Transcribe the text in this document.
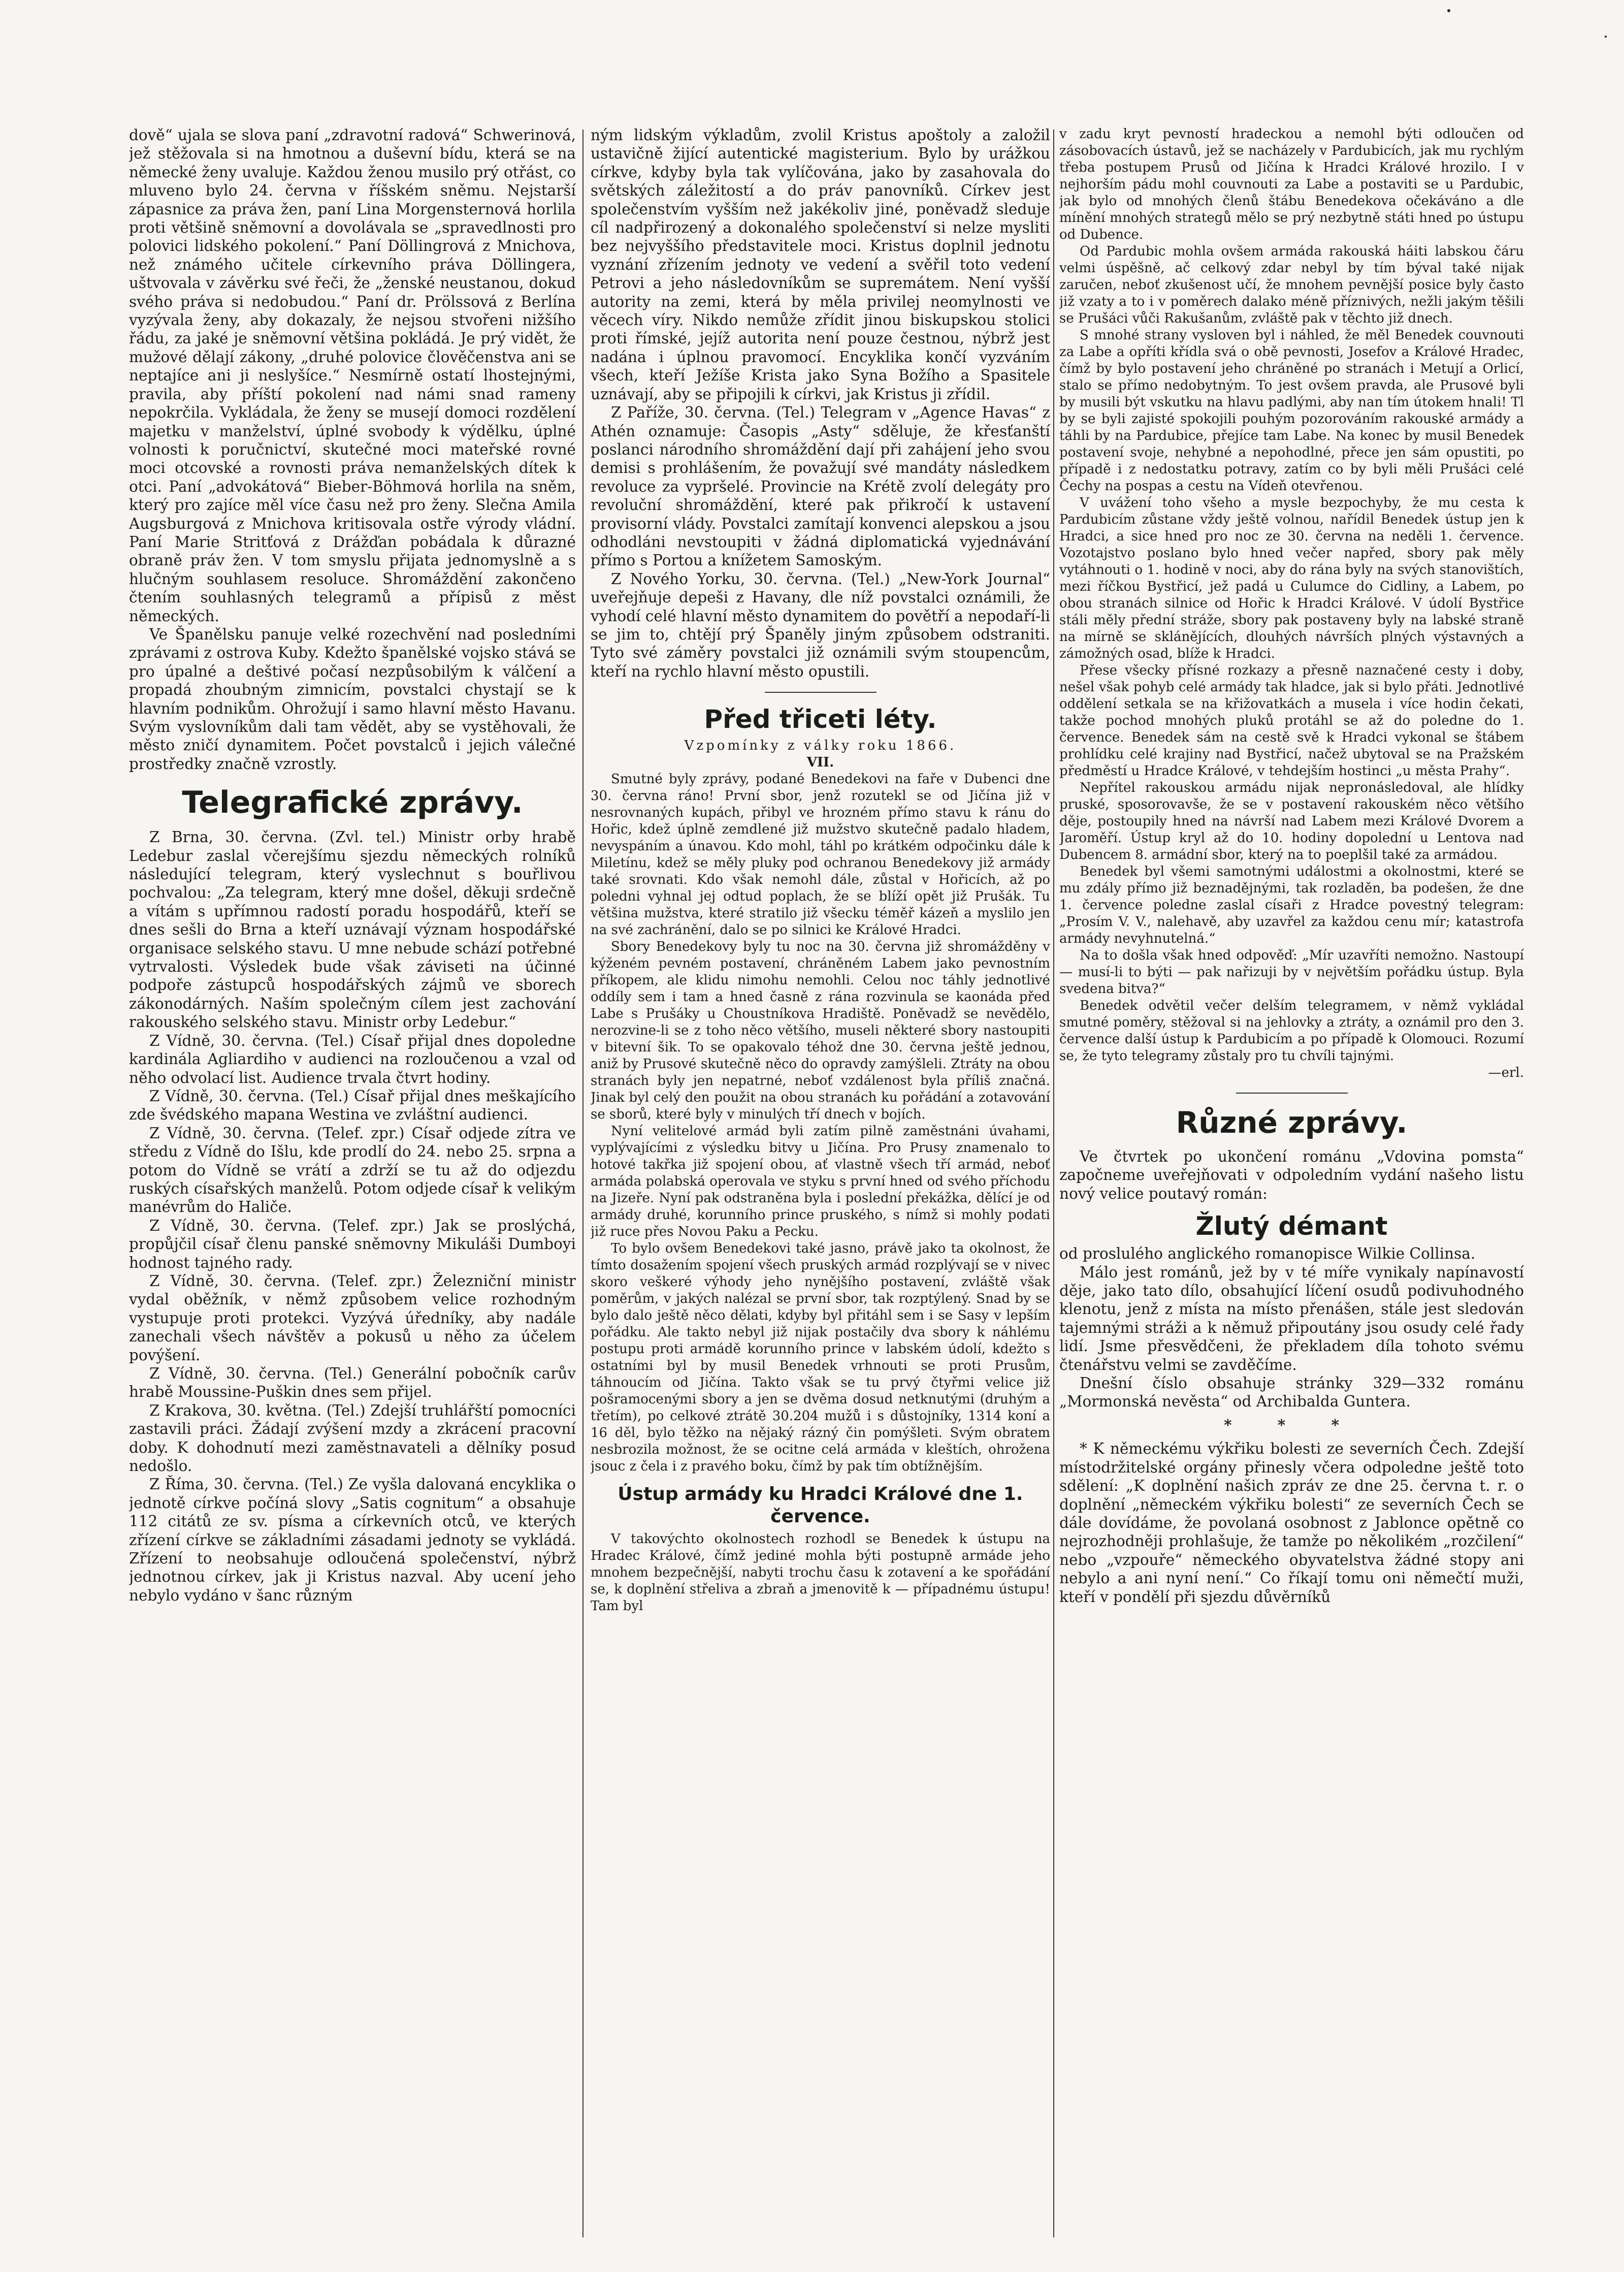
dově“ ujala se slova paní „zdravotní radová“ Schwerinová, jež stěžovala si na hmotnou a duševní bídu, která se na německé ženy uvaluje. Každou ženou musilo prý otřást, co mluveno bylo 24. června v říšském sněmu. Nejstarší zápasnice za práva žen, paní Lina Morgensternová horlila proti většině sněmovní a dovolávala se „spravedlnosti pro polovici lidského pokolení.“ Paní Döllingrová z Mnichova, než známého učitele církevního práva Döllingera, uštvovala v závěrku své řeči, že „ženské neustanou, dokud svého práva si nedobudou.“ Paní dr. Prölssová z Berlína vyzývala ženy, aby dokazaly, že nejsou stvořeni nižšího řádu, za jaké je sněmovní většina pokládá. Je prý vidět, že mužové dělají zákony, „druhé polovice člověčenstva ani se neptajíce ani ji neslyšíce.“ Nesmírně ostatí lhostejnými, pravila, aby příští pokolení nad námi snad rameny nepokrčila. Vykládala, že ženy se musejí domoci rozdělení majetku v manželství, úplné svobody k výdělku, úplné volnosti k poručnictví, skutečné moci mateřské rovné moci otcovské a rovnosti práva nemanželských dítek k otci. Paní „advokátová“ Bieber-Böhmová horlila na sněm, který pro zajíce měl více času než pro ženy. Slečna Amila Augsburgová z Mnichova kritisovala ostře výrody vládní. Paní Marie Stritťová z Drážďan pobádala k důrazné obraně práv žen. V tom smyslu přijata jednomyslně a s hlučným souhlasem resoluce. Shromáždění zakončeno čtením souhlasných telegramů a přípisů z měst německých.

Ve Španělsku panuje velké rozechvění nad posledními zprávami z ostrova Kuby. Kdežto španělské vojsko stává se pro úpalné a deštivé počasí nezpůsobilým k válčení a propadá zhoubným zimnicím, povstalci chystají se k hlavním podnikům. Ohrožují i samo hlavní město Havanu. Svým vyslovníkům dali tam vědět, aby se vystěhovali, že město zničí dynamitem. Počet povstalců i jejich válečné prostředky značně vzrostly.

Telegrafické zprávy.

Z Brna, 30. června. (Zvl. tel.) Ministr orby hrabě Ledebur zaslal včerejšímu sjezdu německých rolníků následující telegram, který vyslechnut s bouřlivou pochvalou: „Za telegram, který mne došel, děkuji srdečně a vítám s upřímnou radostí poradu hospodářů, kteří se dnes sešli do Brna a kteří uznávají význam hospodářské organisace selského stavu. U mne nebude schází potřebné vytrvalosti. Výsledek bude však záviseti na účinné podpoře zástupců hospodářských zájmů ve sborech zákonodárných. Naším společným cílem jest zachování rakouského selského stavu. Ministr orby Ledebur.“

Z Vídně, 30. června. (Tel.) Císař přijal dnes dopoledne kardinála Agliardiho v audienci na rozloučenou a vzal od něho odvolací list. Audience trvala čtvrt hodiny.

Z Vídně, 30. června. (Tel.) Císař přijal dnes meškajícího zde švédského mapana Westina ve zvláštní audienci.

Z Vídně, 30. června. (Telef. zpr.) Císař odjede zítra ve středu z Vídně do Išlu, kde prodlí do 24. nebo 25. srpna a potom do Vídně se vrátí a zdrží se tu až do odjezdu ruských císařských manželů. Potom odjede císař k velikým manévrům do Haliče.

Z Vídně, 30. června. (Telef. zpr.) Jak se proslýchá, propůjčil císař členu panské sněmovny Mikuláši Dumboyi hodnost tajného rady.

Z Vídně, 30. června. (Telef. zpr.) Železniční ministr vydal oběžník, v němž způsobem velice rozhodným vystupuje proti protekci. Vyzývá úředníky, aby nadále zanechali všech návštěv a pokusů u něho za účelem povýšení.

Z Vídně, 30. června. (Tel.) Generální pobočník carův hrabě Moussine-Puškin dnes sem přijel.

Z Krakova, 30. května. (Tel.) Zdejší truhlářští pomocníci zastavili práci. Žádají zvýšení mzdy a zkrácení pracovní doby. K dohodnutí mezi zaměstnavateli a dělníky posud nedošlo.

Z Říma, 30. června. (Tel.) Ze vyšla dalovaná encyklika o jednotě církve počíná slovy „Satis cognitum“ a obsahuje 112 citátů ze sv. písma a církevních otců, ve kterých zřízení církve se základními zásadami jednoty se vykládá. Zřízení to neobsahuje odloučená společenství, nýbrž jednotnou církev, jak ji Kristus nazval. Aby ucení jeho nebylo vydáno v šanc různým

ným lidským výkladům, zvolil Kristus apoštoly a založil ustavičně žijící autentické magisterium. Bylo by urážkou církve, kdyby byla tak vylíčována, jako by zasahovala do světských záležitostí a do práv panovníků. Církev jest společenstvím vyšším než jakékoliv jiné, poněvadž sleduje cíl nadpřirozený a dokonalého společenství si nelze mysliti bez nejvyššího představitele moci. Kristus doplnil jednotu vyznání zřízením jednoty ve vedení a svěřil toto vedení Petrovi a jeho následovníkům se supremátem. Není vyšší autority na zemi, která by měla privilej neomylnosti ve věcech víry. Nikdo nemůže zřídit jinou biskupskou stolici proti římské, jejíž autorita není pouze čestnou, nýbrž jest nadána i úplnou pravomocí. Encyklika končí vyzváním všech, kteří Ježíše Krista jako Syna Božího a Spasitele uznávají, aby se připojili k církvi, jak Kristus ji zřídil.

Z Paříže, 30. června. (Tel.) Telegram v „Agence Havas“ z Athén oznamuje: Časopis „Asty“ sděluje, že křesťanští poslanci národního shromáždění dají při zahájení jeho svou demisi s prohlášením, že považují své mandáty následkem revoluce za vypršelé. Provincie na Krétě zvolí delegáty pro revoluční shromáždění, které pak přikročí k ustavení provisorní vlády. Povstalci zamítají konvenci alepskou a jsou odhodláni nevstoupiti v žádná diplomatická vyjednávání přímo s Portou a knížetem Samoským.

Z Nového Yorku, 30. června. (Tel.) „New-York Journal“ uveřejňuje depeši z Havany, dle níž povstalci oznámili, že vyhodí celé hlavní město dynamitem do povětří a nepodaří-li se jim to, chtějí prý Španěly jiným způsobem odstraniti. Tyto své záměry povstalci již oznámili svým stoupencům, kteří na rychlo hlavní město opustili.

Před třiceti léty.
Vzpomínky z války roku 1866.
VII.

Smutné byly zprávy, podané Benedekovi na faře v Dubenci dne 30. června ráno! První sbor, jenž rozutekl se od Jičína již v nesrovnaných kupách, přibyl ve hrozném přímo stavu k ránu do Hořic, kdež úplně zemdlené již mužstvo skutečně padalo hladem, nevyspáním a únavou. Kdo mohl, táhl po krátkém odpočinku dále k Miletínu, kdež se měly pluky pod ochranou Benedekovy již armády také srovnati. Kdo však nemohl dále, zůstal v Hořicích, až po poledni vyhnal jej odtud poplach, že se blíží opět již Prušák. Tu většina mužstva, které stratilo již všecku téměř kázeň a myslilo jen na své zachránění, dalo se po silnici ke Králové Hradci.

Sbory Benedekovy byly tu noc na 30. června již shromážděny v kýženém pevném postavení, chráněném Labem jako pevnostním příkopem, ale klidu nimohu nemohli. Celou noc táhly jednotlivé oddíly sem i tam a hned časně z rána rozvinula se kaonáda před Labe s Prušáky u Choustníkova Hradiště. Poněvadž se nevědělo, nerozvine-li se z toho něco většího, museli některé sbory nastoupiti v bitevní šik. To se opakovalo téhož dne 30. června ještě jednou, aniž by Prusové skutečně něco do opravdy zamýšleli. Ztráty na obou stranách byly jen nepatrné, neboť vzdálenost byla příliš značná. Jinak byl celý den použit na obou stranách ku pořádání a zotavování se sborů, které byly v minulých tří dnech v bojích.

Nyní velitelové armád byli zatím pilně zaměstnáni úvahami, vyplývajícími z výsledku bitvy u Jičína. Pro Prusy znamenalo to hotové takřka již spojení obou, ať vlastně všech tří armád, neboť armáda polabská operovala ve styku s první hned od svého příchodu na Jizeře. Nyní pak odstraněna byla i poslední překážka, dělící je od armády druhé, korunního prince pruského, s nímž si mohly podati již ruce přes Novou Paku a Pecku.

To bylo ovšem Benedekovi také jasno, právě jako ta okolnost, že tímto dosažením spojení všech pruských armád rozplývají se v nivec skoro veškeré výhody jeho nynějšího postavení, zvláště však poměrům, v jakých nalézal se první sbor, tak rozptýlený. Snad by se bylo dalo ještě něco dělati, kdyby byl přitáhl sem i se Sasy v lepším pořádku. Ale takto nebyl již nijak postačily dva sbory k náhlému postupu proti armádě korunního prince v labském údolí, kdežto s ostatními byl by musil Benedek vrhnouti se proti Prusům, táhnoucím od Jičína. Takto však se tu prvý čtyřmi velice již pošramocenými sbory a jen se dvěma dosud netknutými (druhým a třetím), po celkové ztrátě 30.204 mužů i s důstojníky, 1314 koní a 16 děl, bylo těžko na nějaký rázný čin pomýšleti. Svým obratem nesbrozila možnost, že se ocitne celá armáda v kleštích, ohrožena jsouc z čela i z pravého boku, čímž by pak tím obtížnějším.

Ústup armády ku Hradci Králové dne 1. července.

V takovýchto okolnostech rozhodl se Benedek k ústupu na Hradec Králové, čímž jediné mohla býti postupně armáde jeho mnohem bezpečnější, nabyti trochu času k zotavení a ke spořádání se, k doplnění střeliva a zbraň a jmenovitě k — případnému ústupu! Tam byl

v zadu kryt pevností hradeckou a nemohl býti odloučen od zásobovacích ústavů, jež se nacházely v Pardubicích, jak mu rychlým třeba postupem Prusů od Jičína k Hradci Králové hrozilo. I v nejhorším pádu mohl couvnouti za Labe a postaviti se u Pardubic, jak bylo od mnohých členů štábu Benedekova očekáváno a dle mínění mnohých strategů mělo se prý nezbytně státi hned po ústupu od Dubence.

Od Pardubic mohla ovšem armáda rakouská háiti labskou čáru velmi úspěšně, ač celkový zdar nebyl by tím býval také nijak zaručen, neboť zkušenost učí, že mnohem pevnější posice byly často již vzaty a to i v poměrech dalako méně příznivých, nežli jakým těšili se Prušáci vůči Rakušanům, zvláště pak v těchto již dnech.

S mnohé strany vysloven byl i náhled, že měl Benedek couvnouti za Labe a opříti křídla svá o obě pevnosti, Josefov a Králové Hradec, čímž by bylo postavení jeho chráněné po stranách i Metují a Orlicí, stalo se přímo nedobytným. To jest ovšem pravda, ale Prusové byli by musili být vskutku na hlavu padlými, aby nan tím útokem hnali! Tl by se byli zajisté spokojili pouhým pozorováním rakouské armády a táhli by na Pardubice, přejíce tam Labe. Na konec by musil Benedek postavení svoje, nehybné a nepohodlné, přece jen sám opustiti, po případě i z nedostatku potravy, zatím co by byli měli Prušáci celé Čechy na pospas a cestu na Vídeň otevřenou.

V uvážení toho všeho a mysle bezpochyby, že mu cesta k Pardubicím zůstane vždy ještě volnou, nařídil Benedek ústup jen k Hradci, a sice hned pro noc ze 30. června na neděli 1. července. Vozotajstvo poslano bylo hned večer napřed, sbory pak měly vytáhnouti o 1. hodině v noci, aby do rána byly na svých stanovištích, mezi říčkou Bystřicí, jež padá u Culumce do Cidliny, a Labem, po obou stranách silnice od Hořic k Hradci Králové. V údolí Bystřice stáli měly přední stráže, sbory pak postaveny byly na labské straně na mírně se sklánějících, dlouhých návrších plných výstavných a zámožných osad, blíže k Hradci.

Přese všecky přísné rozkazy a přesně naznačené cesty i doby, nešel však pohyb celé armády tak hladce, jak si bylo přáti. Jednotlivé oddělení setkala se na křižovatkách a musela i více hodin čekati, takže pochod mnohých pluků protáhl se až do poledne do 1. července. Benedek sám na cestě svě k Hradci vykonal se štábem prohlídku celé krajiny nad Bystřicí, načež ubytoval se na Pražském předměstí u Hradce Králové, v tehdejším hostinci „u města Prahy“.

Nepřítel rakouskou armádu nijak nepronásledoval, ale hlídky pruské, sposorovavše, že se v postavení rakouském něco většího děje, postoupily hned na návrší nad Labem mezi Králové Dvorem a Jaroměří. Ústup kryl až do 10. hodiny dopolední u Lentova nad Dubencem 8. armádní sbor, který na to poeplšil také za armádou.

Benedek byl všemi samotnými událostmi a okolnostmi, které se mu zdály přímo již beznadějnými, tak rozladěn, ba podešen, že dne 1. července poledne zaslal císaři z Hradce povestný telegram: „Prosím V. V., nalehavě, aby uzavřel za každou cenu mír; katastrofa armády nevyhnutelná.“

Na to došla však hned odpověď: „Mír uzavříti nemožno. Nastoupí — musí-li to býti — pak nařizuji by v největším pořádku ústup. Byla svedena bitva?“

Benedek odvětil večer delším telegramem, v němž vykládal smutné poměry, stěžoval si na jehlovky a ztráty, a oznámil pro den 3. července další ústup k Pardubicím a po případě k Olomouci. Rozumí se, že tyto telegramy zůstaly pro tu chvíli tajnými.

—erl.
Různé zprávy.

Ve čtvrtek po ukončení románu „Vdovina pomsta“ započneme uveřejňovati v odpoledním vydání našeho listu nový velice poutavý román:

Žlutý démant

od proslulého anglického romanopisce Wilkie Collinsa.

Málo jest románů, jež by v té míře vynikaly napínavostí děje, jako tato dílo, obsahující líčení osudů podivuhodného klenotu, jenž z místa na místo přenášen, stále jest sledován tajemnými stráži a k němuž připoutány jsou osudy celé řady lidí. Jsme přesvědčeni, že překladem díla tohoto svému čtenářstvu velmi se zavděčíme.

Dnešní číslo obsahuje stránky 329—332 románu „Mormonská nevěsta“ od Archibalda Guntera.

* * *

* K německému výkřiku bolesti ze severních Čech. Zdejší místodržitelské orgány přinesly včera odpoledne ještě toto sdělení: „K doplnění našich zpráv ze dne 25. června t. r. o doplnění „německém výkřiku bolesti“ ze severních Čech se dále dovídáme, že povolaná osobnost z Jablonce opětně co nejrozhodněji prohlašuje, že tamže po několikém „rozčilení“ nebo „vzpouře“ německého obyvatelstva žádné stopy ani nebylo a ani nyní není.“ Co říkají tomu oni němečtí muži, kteří v pondělí při sjezdu důvěrníků
